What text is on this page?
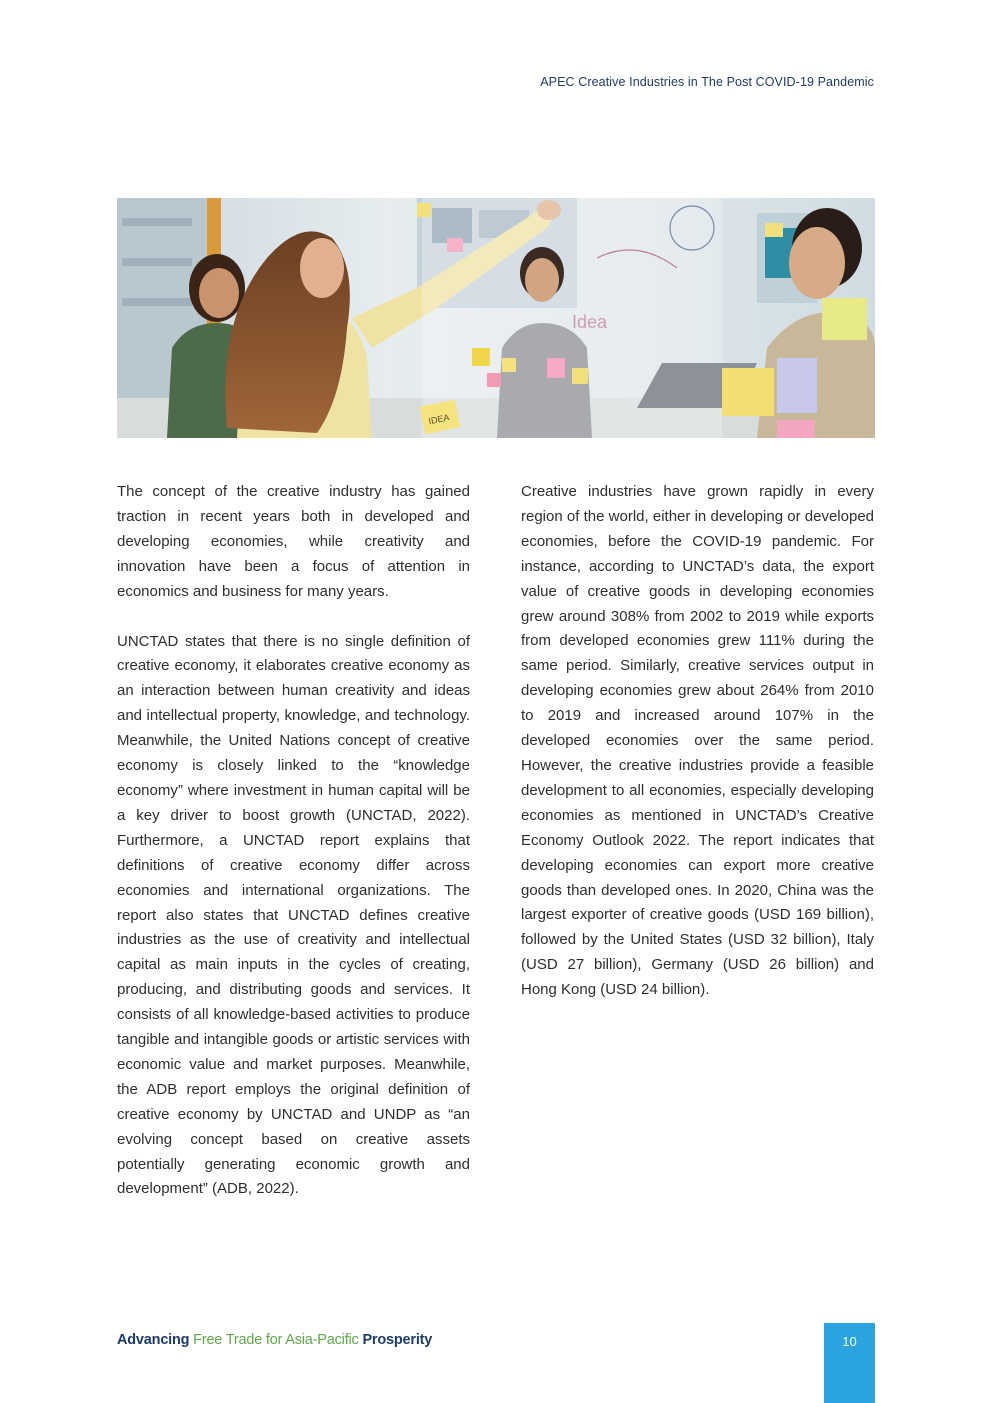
APEC Creative Industries in The Post COVID-19 Pandemic
IDEA
Idea

The concept of the creative industry has gained traction in recent years both in developed and developing economies, while creativity and innovation have been a focus of attention in economics and business for many years.

UNCTAD states that there is no single definition of creative economy, it elaborates creative economy as an interaction between human creativity and ideas and intellectual property, knowledge, and technology. Meanwhile, the United Nations concept of creative economy is closely linked to the “knowledge economy” where investment in human capital will be a key driver to boost growth (UNCTAD, 2022). Furthermore, a UNCTAD report explains that definitions of creative economy differ across economies and international organizations. The report also states that UNCTAD defines creative industries as the use of creativity and intellectual capital as main inputs in the cycles of creating, producing, and distributing goods and services. It consists of all knowledge-based activities to produce tangible and intangible goods or artistic services with economic value and market purposes. Meanwhile, the ADB report employs the original definition of creative economy by UNCTAD and UNDP as “an evolving concept based on creative assets potentially generating economic growth and development” (ADB, 2022).

Creative industries have grown rapidly in every region of the world, either in developing or developed economies, before the COVID-19 pandemic. For instance, according to UNCTAD’s data, the export value of creative goods in developing economies grew around 308% from 2002 to 2019 while exports from developed economies grew 111% during the same period. Similarly, creative services output in developing economies grew about 264% from 2010 to 2019 and increased around 107% in the developed economies over the same period. However, the creative industries provide a feasible development to all economies, especially developing economies as mentioned in UNCTAD’s Creative Economy Outlook 2022. The report indicates that developing economies can export more creative goods than developed ones. In 2020, China was the largest exporter of creative goods (USD 169 billion), followed by the United States (USD 32 billion), Italy (USD 27 billion), Germany (USD 26 billion) and Hong Kong (USD 24 billion).

Advancing Free Trade for Asia-Pacific Prosperity	10
